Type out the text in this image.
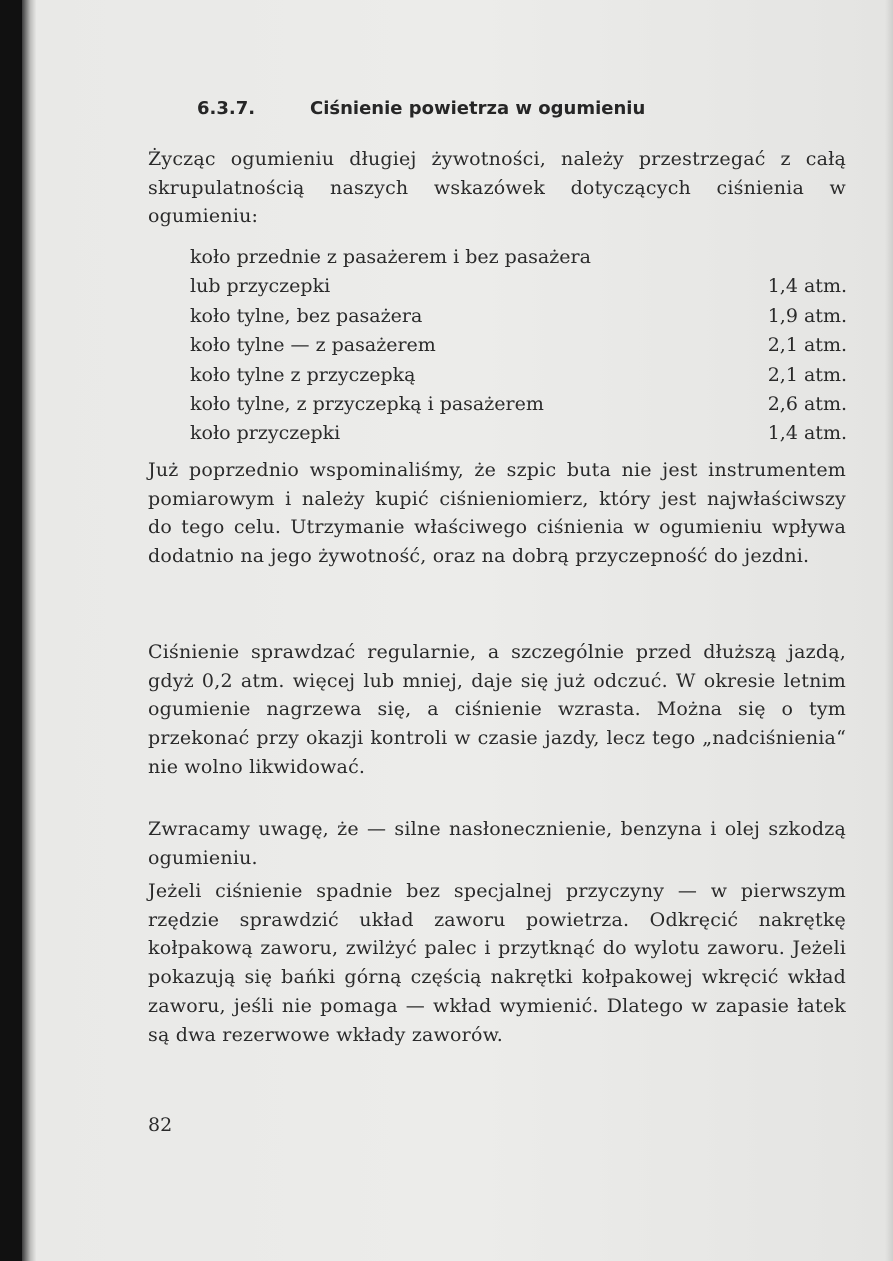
6.3.7.	Ciśnienie powietrza w ogumieniu
Życząc ogumieniu długiej żywotności, należy przestrzegać z całą skrupulatnością naszych wskazówek dotyczących ciśnienia w ogumieniu:
koło przednie z pasażerem i bez pasażera
lub przyczepki	1,4 atm.
koło tylne, bez pasażera	1,9 atm.
koło tylne — z pasażerem	2,1 atm.
koło tylne z przyczepką	2,1 atm.
koło tylne, z przyczepką i pasażerem	2,6 atm.
koło przyczepki	1,4 atm.
Już poprzednio wspominaliśmy, że szpic buta nie jest instrumentem pomiarowym i należy kupić ciśnieniomierz, który jest najwłaściwszy do tego celu. Utrzymanie właściwego ciśnienia w ogumieniu wpływa dodatnio na jego żywotność, oraz na dobrą przyczepność do jezdni.
Ciśnienie sprawdzać regularnie, a szczególnie przed dłuższą jazdą, gdyż 0,2 atm. więcej lub mniej, daje się już odczuć. W okresie letnim ogumienie nagrzewa się, a ciśnienie wzrasta. Można się o tym przekonać przy okazji kontroli w czasie jazdy, lecz tego „nadciśnienia“ nie wolno likwidować.
Zwracamy uwagę, że — silne nasłonecznienie, benzyna i olej szkodzą ogumieniu.
Jeżeli ciśnienie spadnie bez specjalnej przyczyny — w pierwszym rzędzie sprawdzić układ zaworu powietrza. Odkręcić nakrętkę kołpakową zaworu, zwilżyć palec i przytknąć do wylotu zaworu. Jeżeli pokazują się bańki górną częścią nakrętki kołpakowej wkręcić wkład zaworu, jeśli nie pomaga — wkład wymienić. Dlatego w zapasie łatek są dwa rezerwowe wkłady zaworów.
82
